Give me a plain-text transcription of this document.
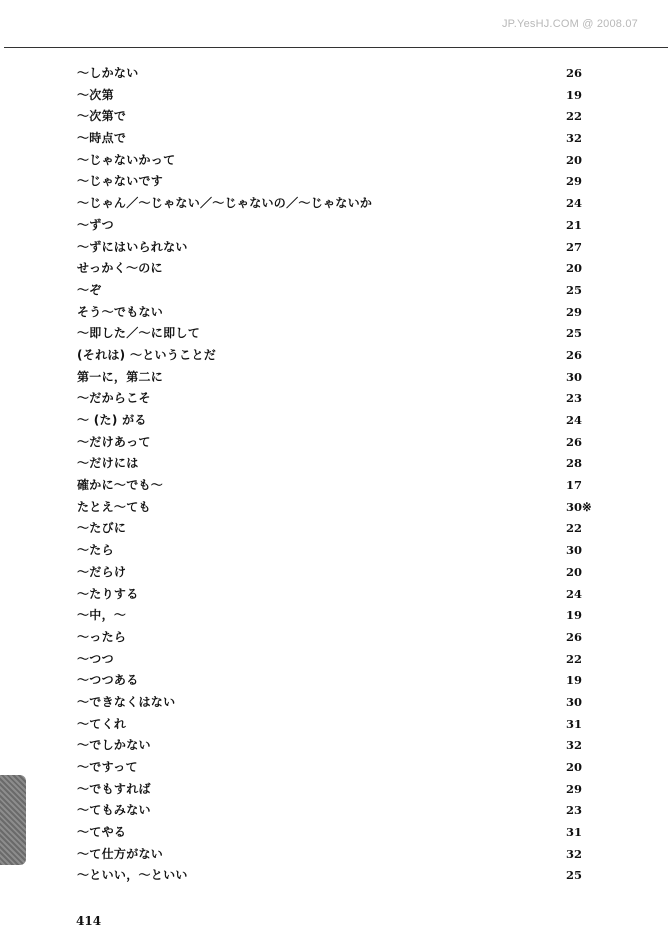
JP.YesHJ.COM @ 2008.07
～しかない	26
～次第	19
～次第で	22
～時点で	32
～じゃないかって	20
～じゃないです	29
～じゃん／～じゃない／～じゃないの／～じゃないか	24
～ずつ	21
～ずにはいられない	27
せっかく～のに	20
～ぞ	25
そう～でもない	29
～即した／～に即して	25
(それは) ～ということだ	26
第一に，第二に	30
～だからこそ	23
～ (た) がる	24
～だけあって	26
～だけには	28
確かに～でも～	17
たとえ～ても	30※
～たびに	22
～たら	30
～だらけ	20
～たりする	24
～中，～	19
～ったら	26
～つつ	22
～つつある	19
～できなくはない	30
～てくれ	31
～でしかない	32
～ですって	20
～でもすれば	29
～てもみない	23
～てやる	31
～て仕方がない	32
～といい，～といい	25
414
